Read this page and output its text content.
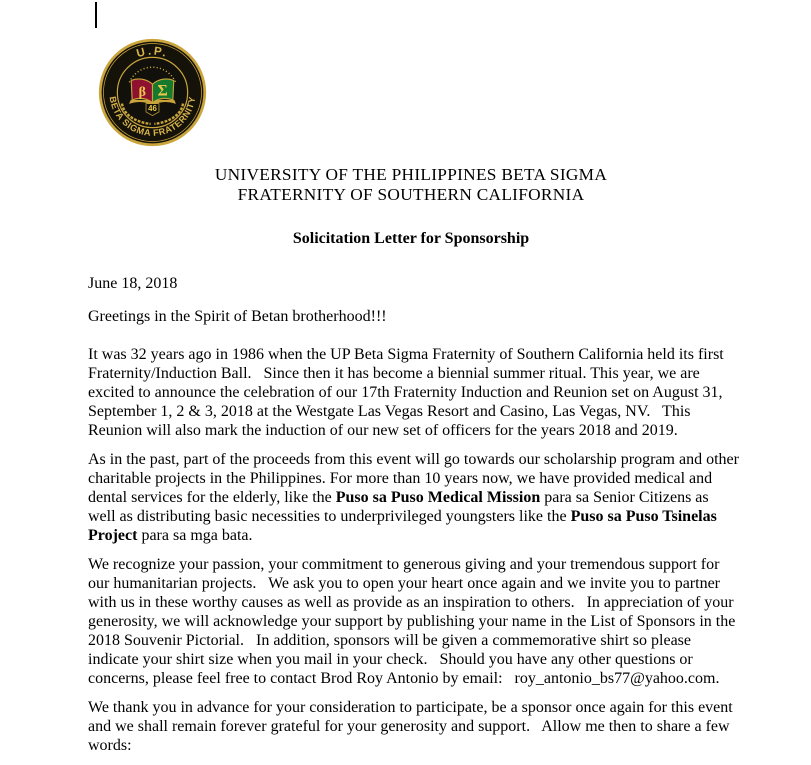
U.P.
BETA SIGMA FRATERNITY
β Σ
46
UNIVERSITY OF THE PHILIPPINES BETA SIGMA
FRATERNITY OF SOUTHERN CALIFORNIA
Solicitation Letter for Sponsorship
June 18, 2018
Greetings in the Spirit of Betan brotherhood!!!
It was 32 years ago in 1986 when the UP Beta Sigma Fraternity of Southern California held its first
Fraternity/Induction Ball.   Since then it has become a biennial summer ritual. This year, we are
excited to announce the celebration of our 17th Fraternity Induction and Reunion set on August 31,
September 1, 2 & 3, 2018 at the Westgate Las Vegas Resort and Casino, Las Vegas, NV.   This
Reunion will also mark the induction of our new set of officers for the years 2018 and 2019.
As in the past, part of the proceeds from this event will go towards our scholarship program and other
charitable projects in the Philippines. For more than 10 years now, we have provided medical and
dental services for the elderly, like the Puso sa Puso Medical Mission para sa Senior Citizens as
well as distributing basic necessities to underprivileged youngsters like the Puso sa Puso Tsinelas
Project para sa mga bata.
We recognize your passion, your commitment to generous giving and your tremendous support for
our humanitarian projects.   We ask you to open your heart once again and we invite you to partner
with us in these worthy causes as well as provide as an inspiration to others.   In appreciation of your
generosity, we will acknowledge your support by publishing your name in the List of Sponsors in the
2018 Souvenir Pictorial.   In addition, sponsors will be given a commemorative shirt so please
indicate your shirt size when you mail in your check.   Should you have any other questions or
concerns, please feel free to contact Brod Roy Antonio by email:   roy_antonio_bs77@yahoo.com.
We thank you in advance for your consideration to participate, be a sponsor once again for this event
and we shall remain forever grateful for your generosity and support.   Allow me then to share a few
words:
